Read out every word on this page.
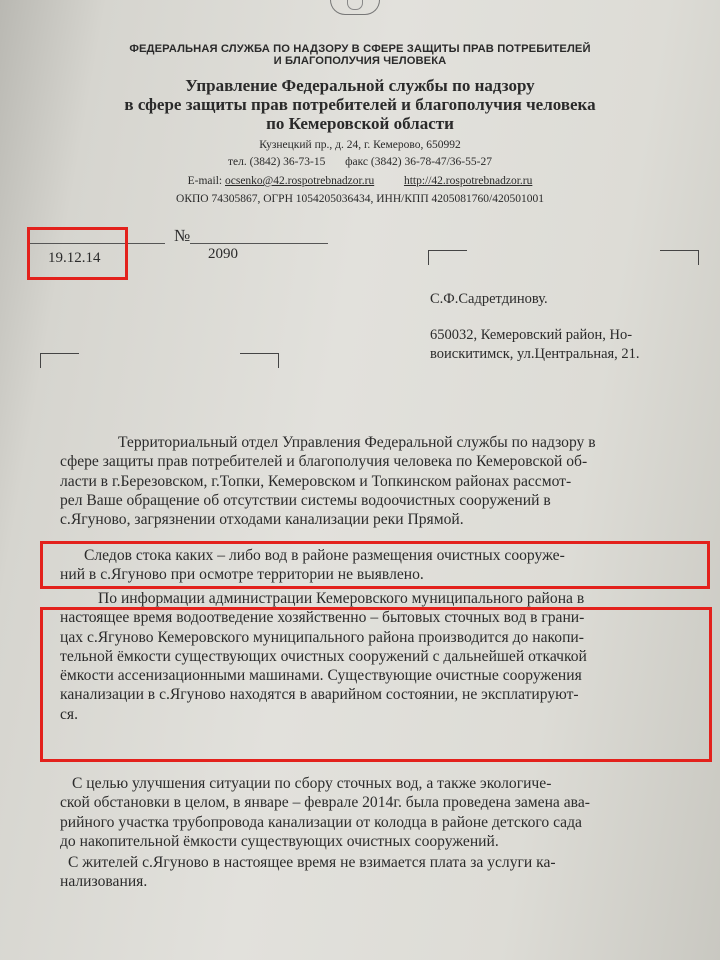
ФЕДЕРАЛЬНАЯ СЛУЖБА ПО НАДЗОРУ В СФЕРЕ ЗАЩИТЫ ПРАВ ПОТРЕБИТЕЛЕЙ
И БЛАГОПОЛУЧИЯ ЧЕЛОВЕКА
Управление Федеральной службы по надзору
в сфере защиты прав потребителей и благополучия человека
по Кемеровской области
Кузнецкий пр., д. 24, г. Кемерово, 650992
тел. (3842) 36-73-15 факс (3842) 36-78-47/36-55-27
E-mail: ocsenko@42.rospotrebnadzor.ru	http://42.rospotrebnadzor.ru
ОКПО 74305867, ОГРН 1054205036434, ИНН/КПП 4205081760/420501001
19.12.14
№
2090
С.Ф.Садретдинову.
650032, Кемеровский район, Но-
воискитимск, ул.Центральная, 21.
Территориальный отдел Управления Федеральной службы по надзору в
сфере защиты прав потребителей и благополучия человека по Кемеровской об-
ласти в г.Березовском, г.Топки, Кемеровском и Топкинском районах рассмот-
рел Ваше обращение об отсутствии системы водоочистных сооружений в
с.Ягуново, загрязнении отходами канализации реки Прямой.
Следов стока каких – либо вод в районе размещения очистных сооруже-
ний в с.Ягуново при осмотре территории не выявлено.
По информации администрации Кемеровского муниципального района в
настоящее время водоотведение хозяйственно – бытовых сточных вод в грани-
цах с.Ягуново Кемеровского муниципального района производится до накопи-
тельной ёмкости существующих очистных сооружений с дальнейшей откачкой
ёмкости ассенизационными машинами. Существующие очистные сооружения
канализации в с.Ягуново находятся в аварийном состоянии, не эксплатируют-
ся.
С целью улучшения ситуации по сбору сточных вод, а также экологиче-
ской обстановки в целом, в январе – феврале 2014г. была проведена замена ава-
рийного участка трубопровода канализации от колодца в районе детского сада
до накопительной ёмкости существующих очистных сооружений.
С жителей с.Ягуново в настоящее время не взимается плата за услуги ка-
нализования.
